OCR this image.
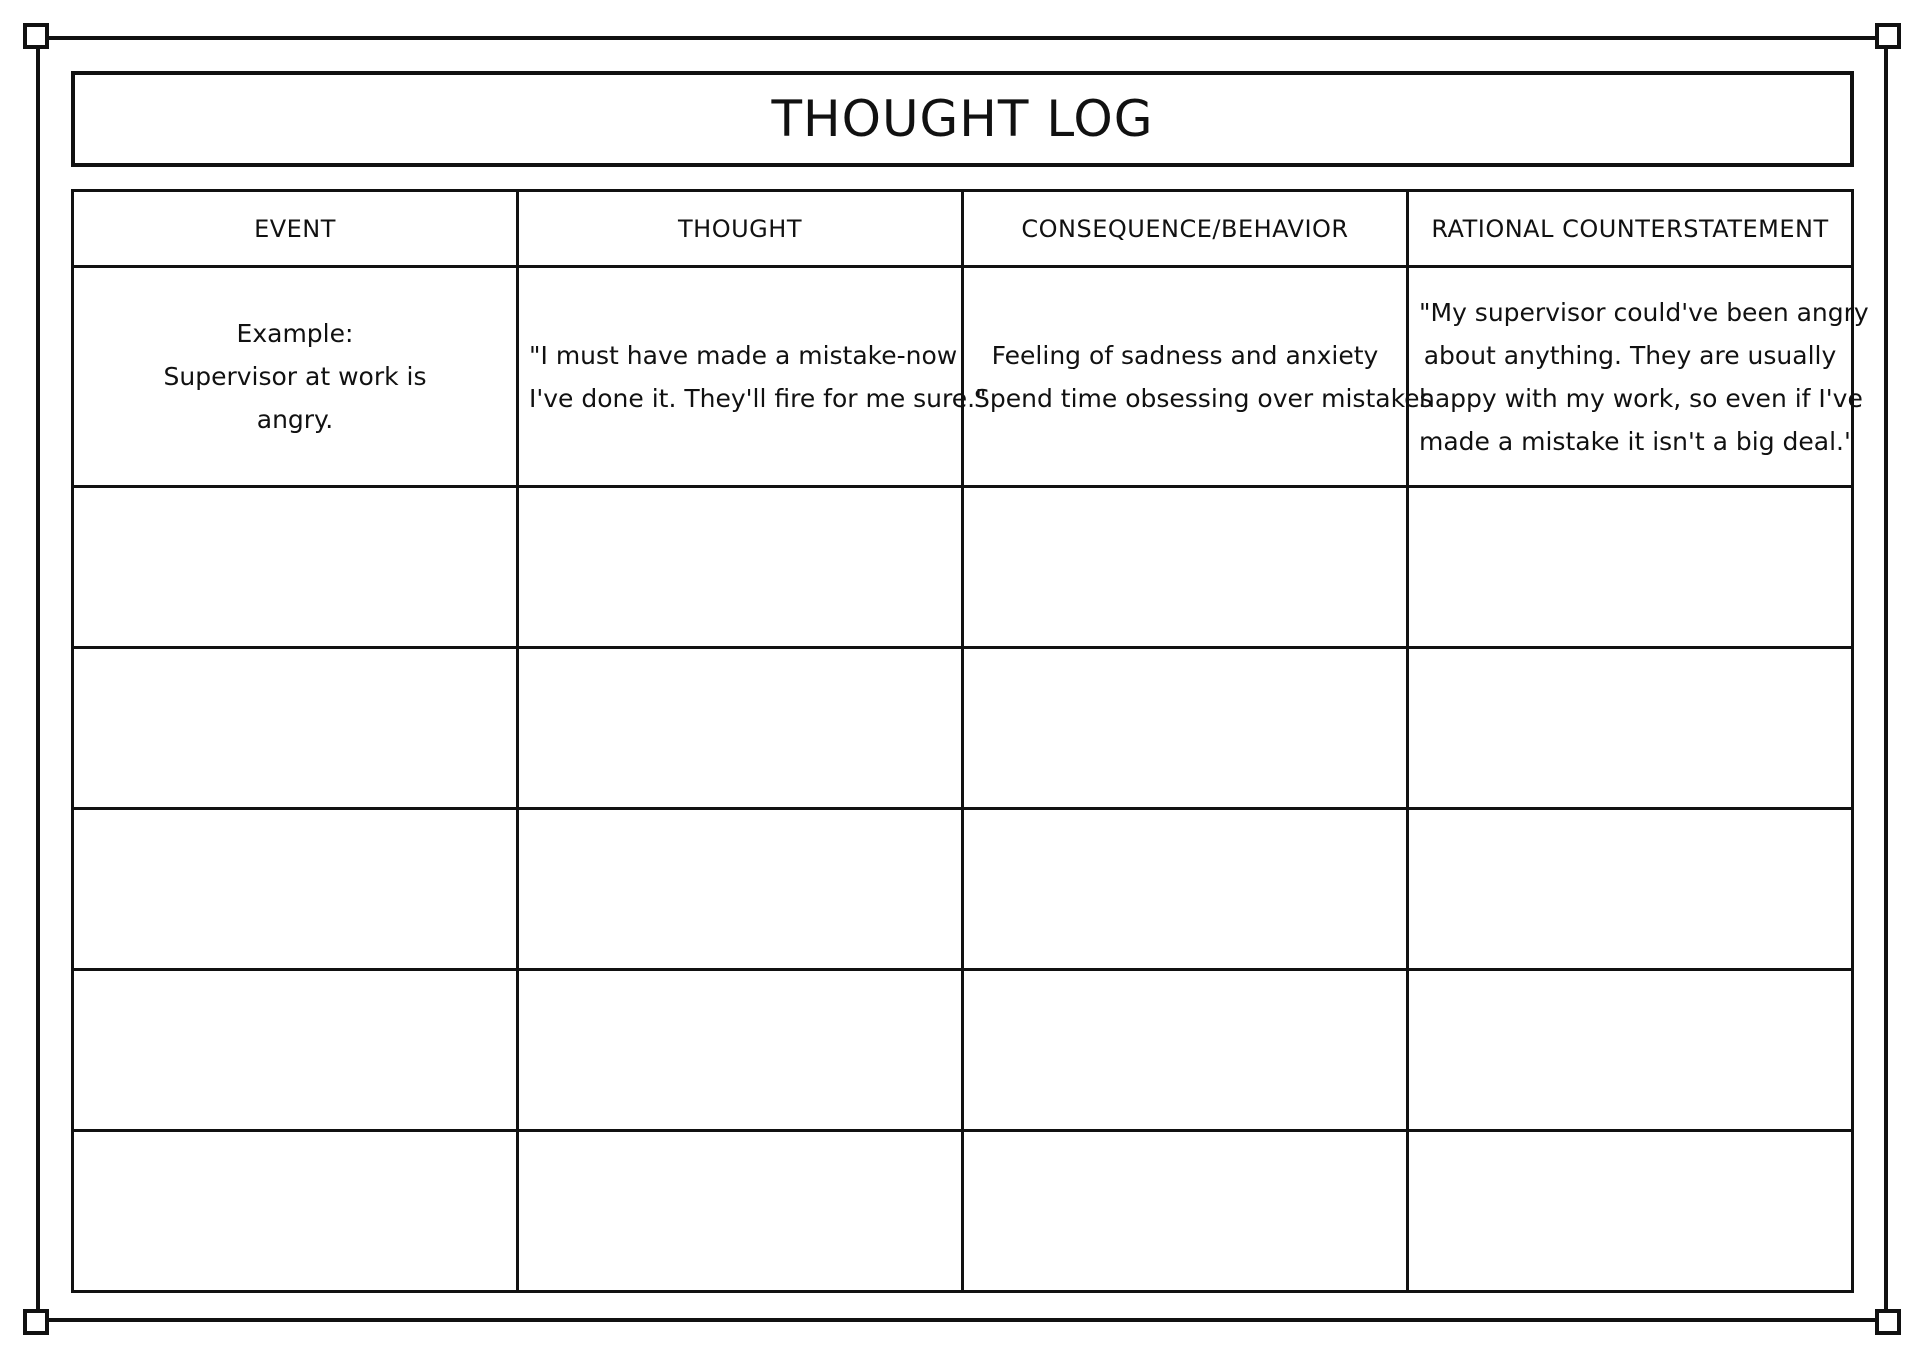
THOUGHT LOG
EVENT	THOUGHT	CONSEQUENCE/BEHAVIOR	RATIONAL COUNTERSTATEMENT

Example:
Supervisor at work is
angry.	"I must have made a mistake-now
I've done it. They'll fire for me sure."	Feeling of sadness and anxiety
Spend time obsessing over mistakes	"My supervisor could've been angry
about anything. They are usually
happy with my work, so even if I've
made a mistake it isn't a big deal."
